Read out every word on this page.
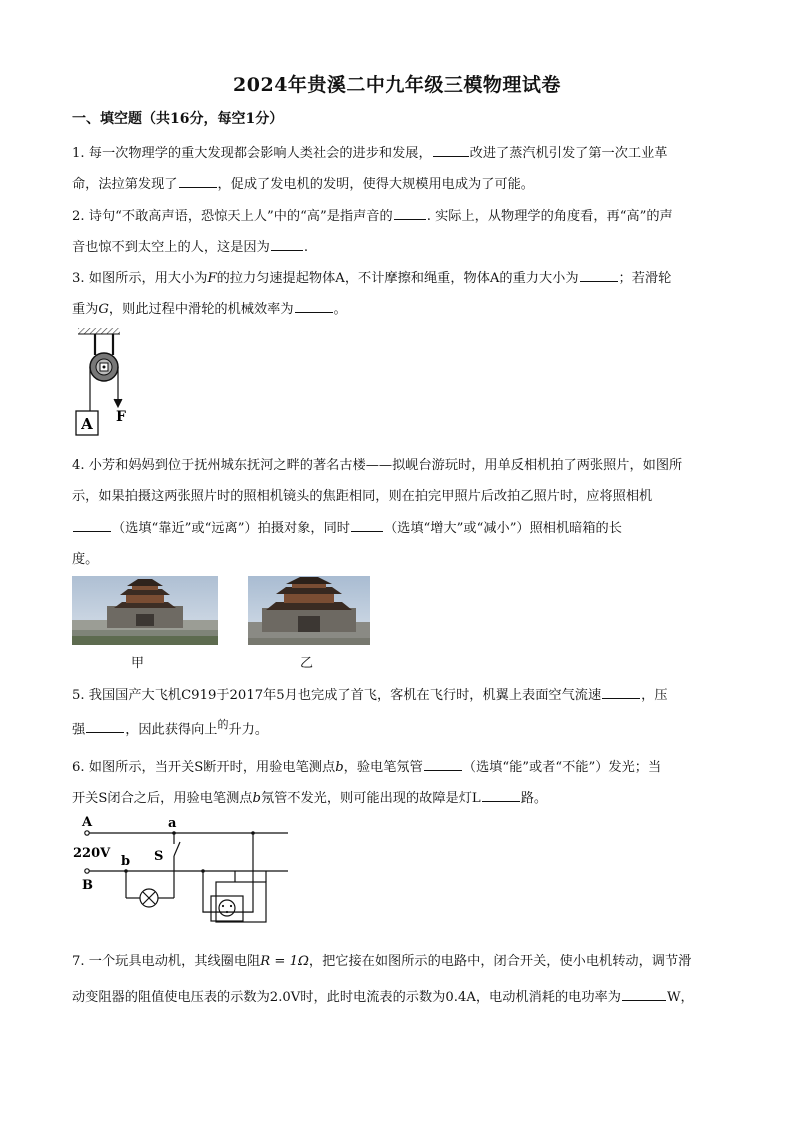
2024年贵溪二中九年级三模物理试卷
一、填空题（共16分，每空1分）
1. 每一次物理学的重大发现都会影响人类社会的进步和发展，	改进了蒸汽机引发了第一次工业革
命，法拉第发现了	，促成了发电机的发明，使得大规模用电成为了可能。
2. 诗句“不敢高声语，恐惊天上人”中的“高”是指声音的	. 实际上，从物理学的角度看，再“高”的声
音也惊不到太空上的人，这是因为	.
3. 如图所示，用大小为F的拉力匀速提起物体A，不计摩擦和绳重，物体A的重力大小为	；若滑轮
重为G，则此过程中滑轮的机械效率为	。
A F
4. 小芳和妈妈到位于抚州城东抚河之畔的著名古楼——拟岘台游玩时，用单反相机拍了两张照片，如图所
示，如果拍摄这两张照片时的照相机镜头的焦距相同，则在拍完甲照片后改拍乙照片时，应将照相机
（选填“靠近”或“远离”）拍摄对象，同时	（选填“增大”或“减小”）照相机暗箱的长
度。
甲	乙
5. 我国国产大飞机C919于2017年5月也完成了首飞，客机在飞行时，机翼上表面空气流速	，压
强	，因此获得向上$^的$升力。
6. 如图所示，当开关S断开时，用验电笔测点b，验电笔氖管	（选填“能”或者“不能”）发光；当
开关S闭合之后，用验电笔测点b氖管不发光，则可能出现的故障是灯L	路。
A
B
220V
a
b S
7. 一个玩具电动机，其线圈电阻R = 1Ω，把它接在如图所示的电路中，闭合开关，使小电机转动，调节滑
动变阻器的阻值使电压表的示数为2.0V时，此时电流表的示数为0.4A，电动机消耗的电功率为	W，
